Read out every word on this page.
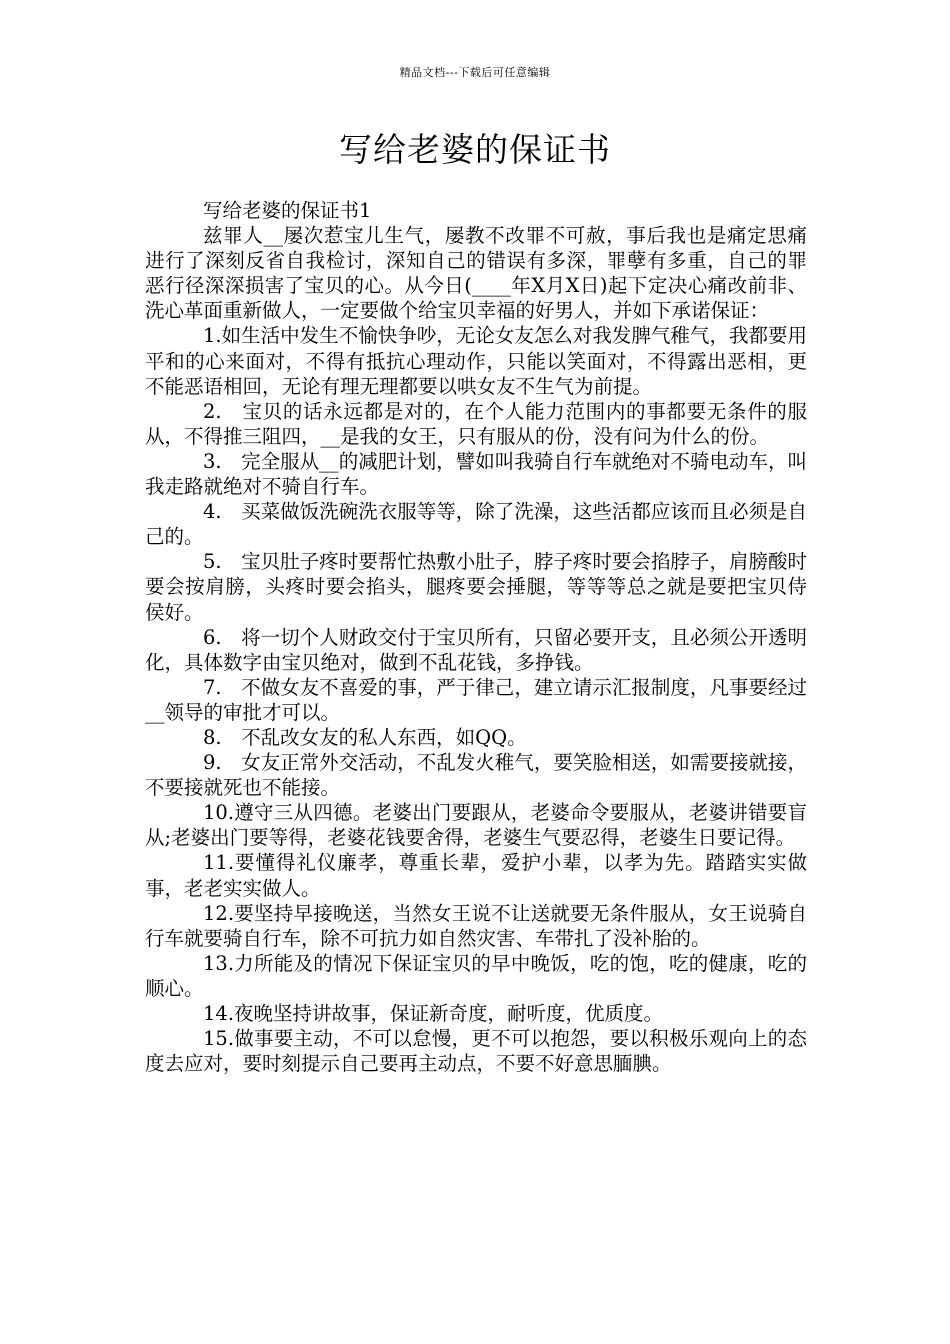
精品文档---下载后可任意编辑
写给老婆的保证书

写给老婆的保证书1

兹罪人__屡次惹宝儿生气，屡教不改罪不可赦，事后我也是痛定思痛进行了深刻反省自我检讨，深知自己的错误有多深，罪孽有多重，自己的罪恶行径深深损害了宝贝的心。从今日(____年X月X日)起下定决心痛改前非、洗心革面重新做人，一定要做个给宝贝幸福的好男人，并如下承诺保证：

1.如生活中发生不愉快争吵，无论女友怎么对我发脾气稚气，我都要用平和的心来面对，不得有抵抗心理动作，只能以笑面对，不得露出恶相，更不能恶语相回，无论有理无理都要以哄女友不生气为前提。

2.　宝贝的话永远都是对的，在个人能力范围内的事都要无条件的服从，不得推三阻四，__是我的女王，只有服从的份，没有问为什么的份。

3.　完全服从__的减肥计划，譬如叫我骑自行车就绝对不骑电动车，叫我走路就绝对不骑自行车。

4.　买菜做饭洗碗洗衣服等等，除了洗澡，这些活都应该而且必须是自己的。

5.　宝贝肚子疼时要帮忙热敷小肚子，脖子疼时要会掐脖子，肩膀酸时要会按肩膀，头疼时要会掐头，腿疼要会捶腿，等等等总之就是要把宝贝侍侯好。

6.　将一切个人财政交付于宝贝所有，只留必要开支，且必须公开透明化，具体数字由宝贝绝对，做到不乱花钱，多挣钱。

7.　不做女友不喜爱的事，严于律己，建立请示汇报制度，凡事要经过__领导的审批才可以。

8.　不乱改女友的私人东西，如QQ。

9.　女友正常外交活动，不乱发火稚气，要笑脸相送，如需要接就接，不要接就死也不能接。

10.遵守三从四德。老婆出门要跟从，老婆命令要服从，老婆讲错要盲从;老婆出门要等得，老婆花钱要舍得，老婆生气要忍得，老婆生日要记得。

11.要懂得礼仪廉孝，尊重长辈，爱护小辈，以孝为先。踏踏实实做事，老老实实做人。

12.要坚持早接晚送，当然女王说不让送就要无条件服从，女王说骑自行车就要骑自行车，除不可抗力如自然灾害、车带扎了没补胎的。

13.力所能及的情况下保证宝贝的早中晚饭，吃的饱，吃的健康，吃的顺心。

14.夜晚坚持讲故事，保证新奇度，耐听度，优质度。

15.做事要主动，不可以怠慢，更不可以抱怨，要以积极乐观向上的态度去应对，要时刻提示自己要再主动点，不要不好意思腼腆。
